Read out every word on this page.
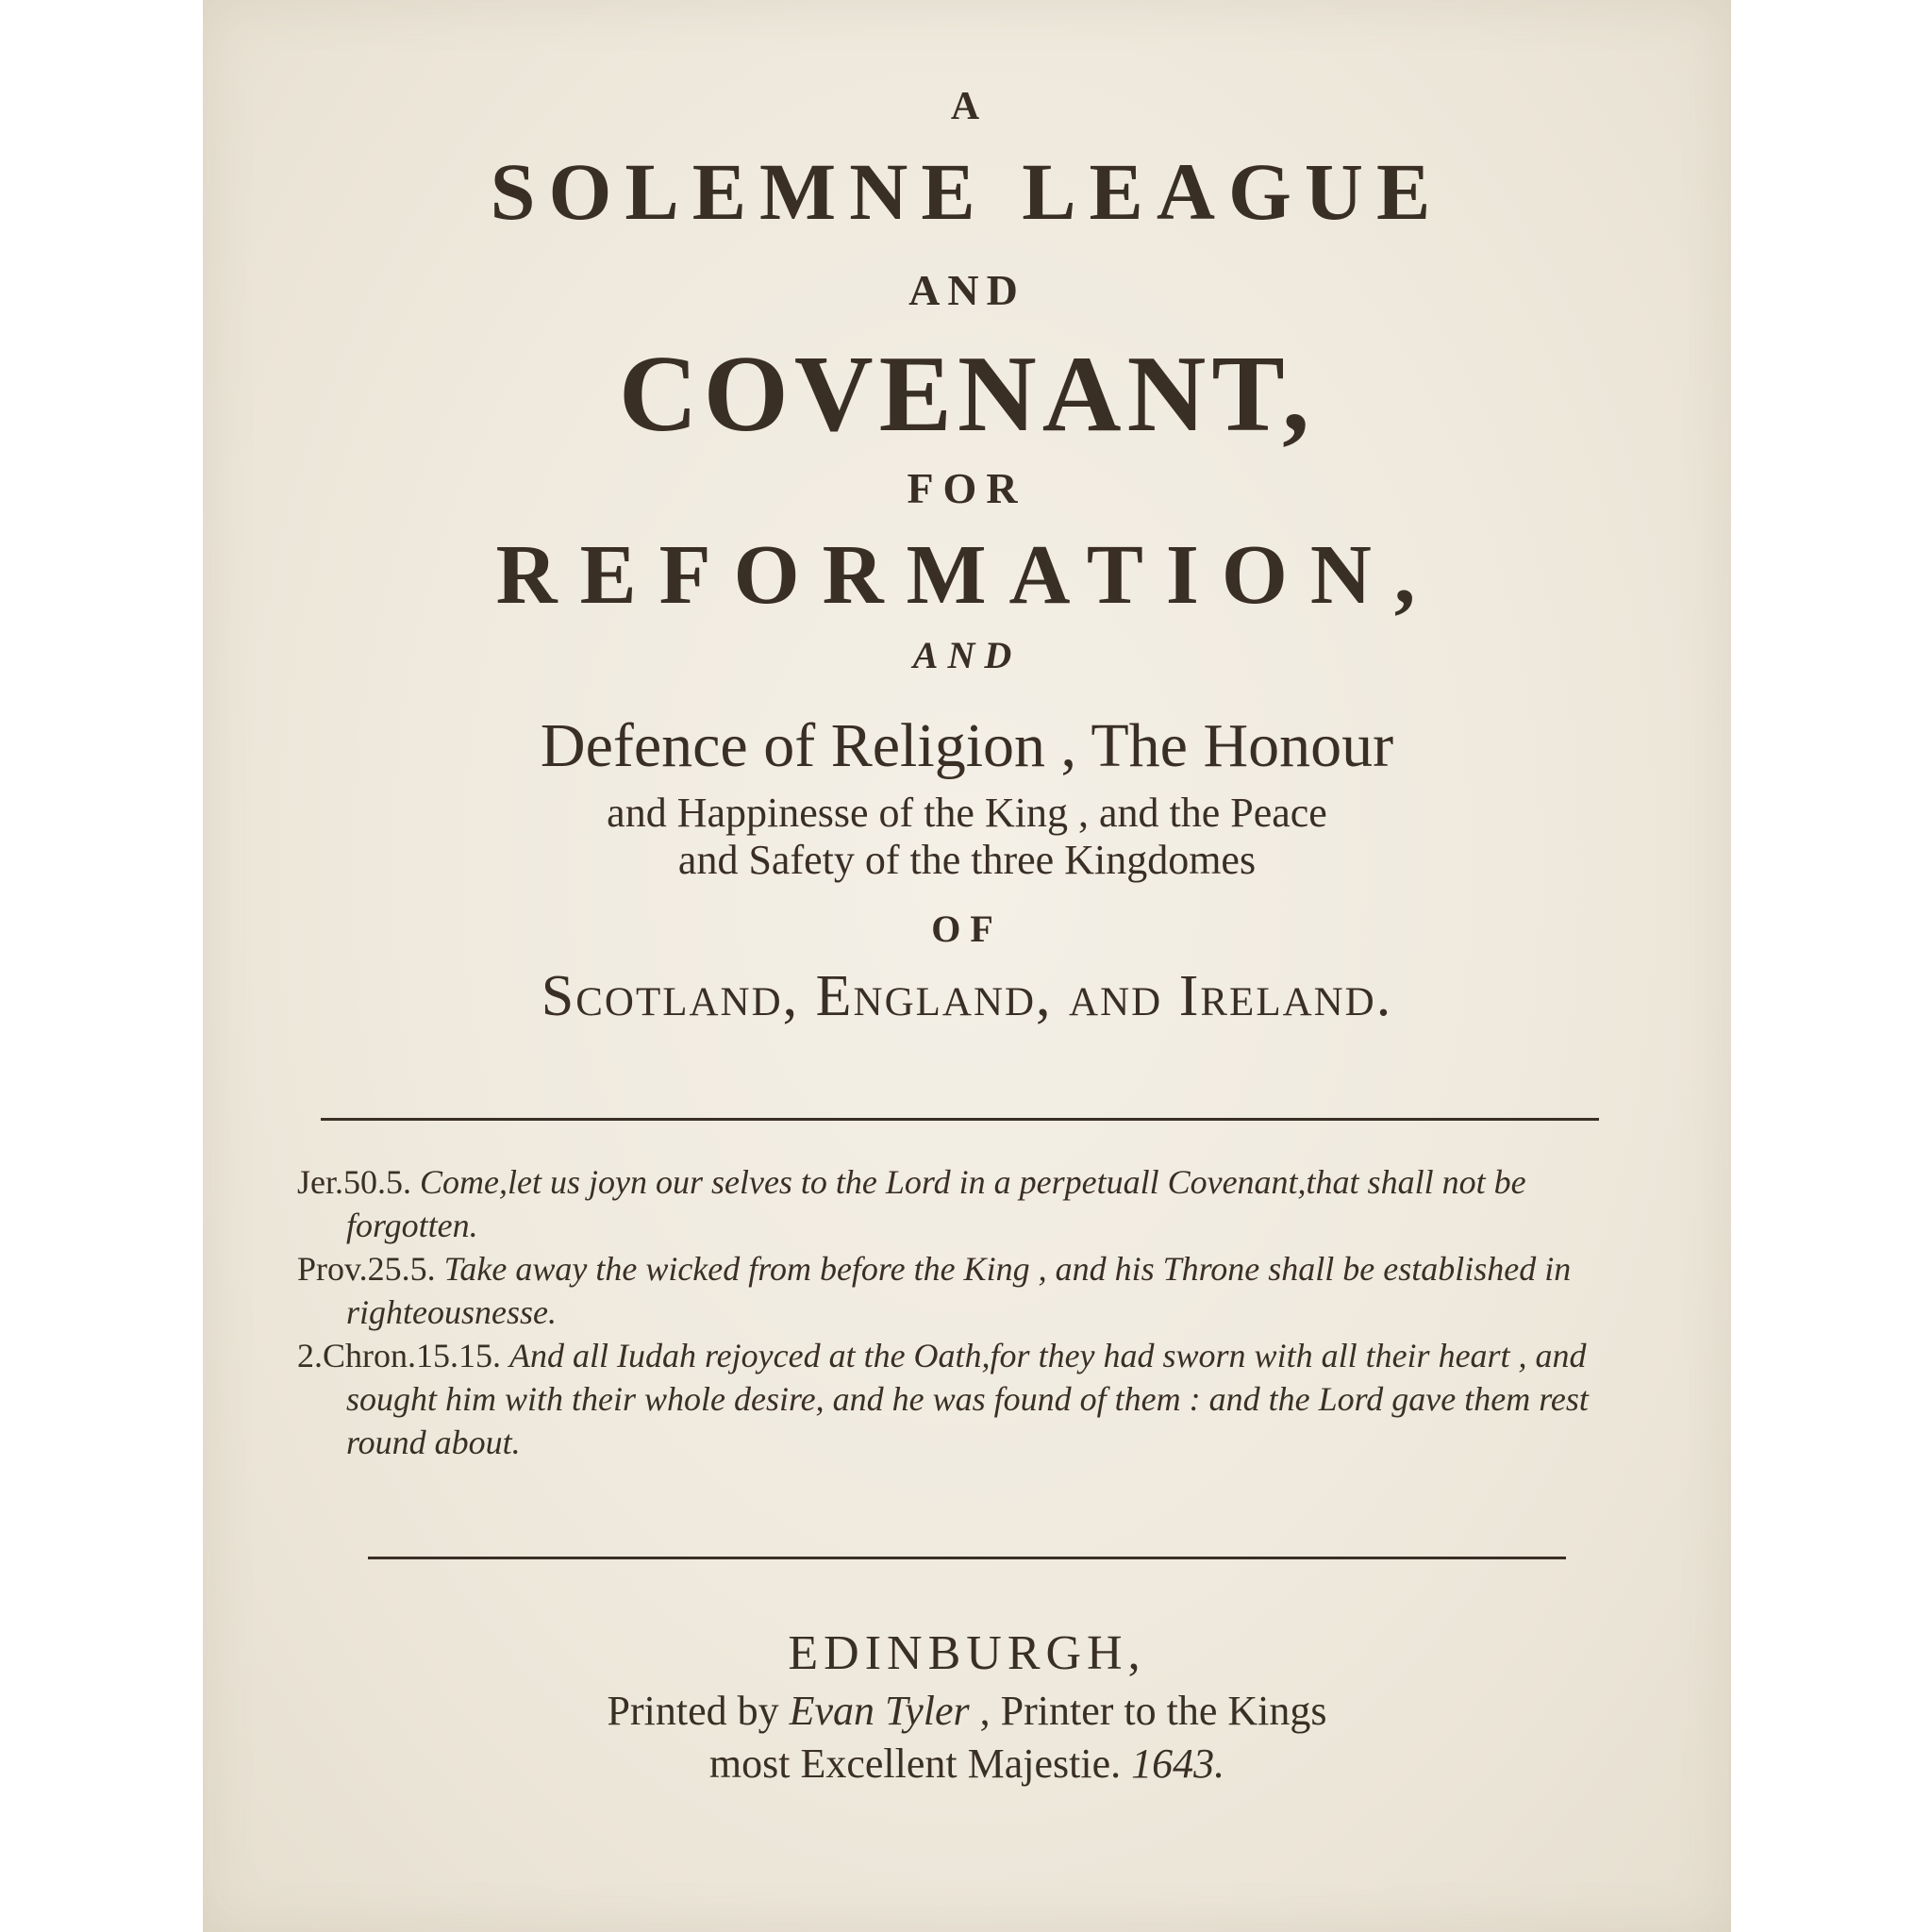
A
SOLEMNE LEAGUE
AND
COVENANT,
FOR
REFORMATION,
AND
Defence of Religion , The Honour
and Happinesse of the King , and the Peace
and Safety of the three Kingdomes
OF
Scotland, England, and Ireland.

Jer.50.5. Come,let us joyn our selves to the Lord in a perpetuall Covenant,that shall not be forgotten.

Prov.25.5. Take away the wicked from before the King , and his Throne shall be established in righteousnesse.

2.Chron.15.15. And all Iudah rejoyced at the Oath,for they had sworn with all their heart , and sought him with their whole desire, and he was found of them : and the Lord gave them rest round about.

EDINBURGH,
Printed by Evan Tyler , Printer to the Kings
most Excellent Majestie. 1643.
